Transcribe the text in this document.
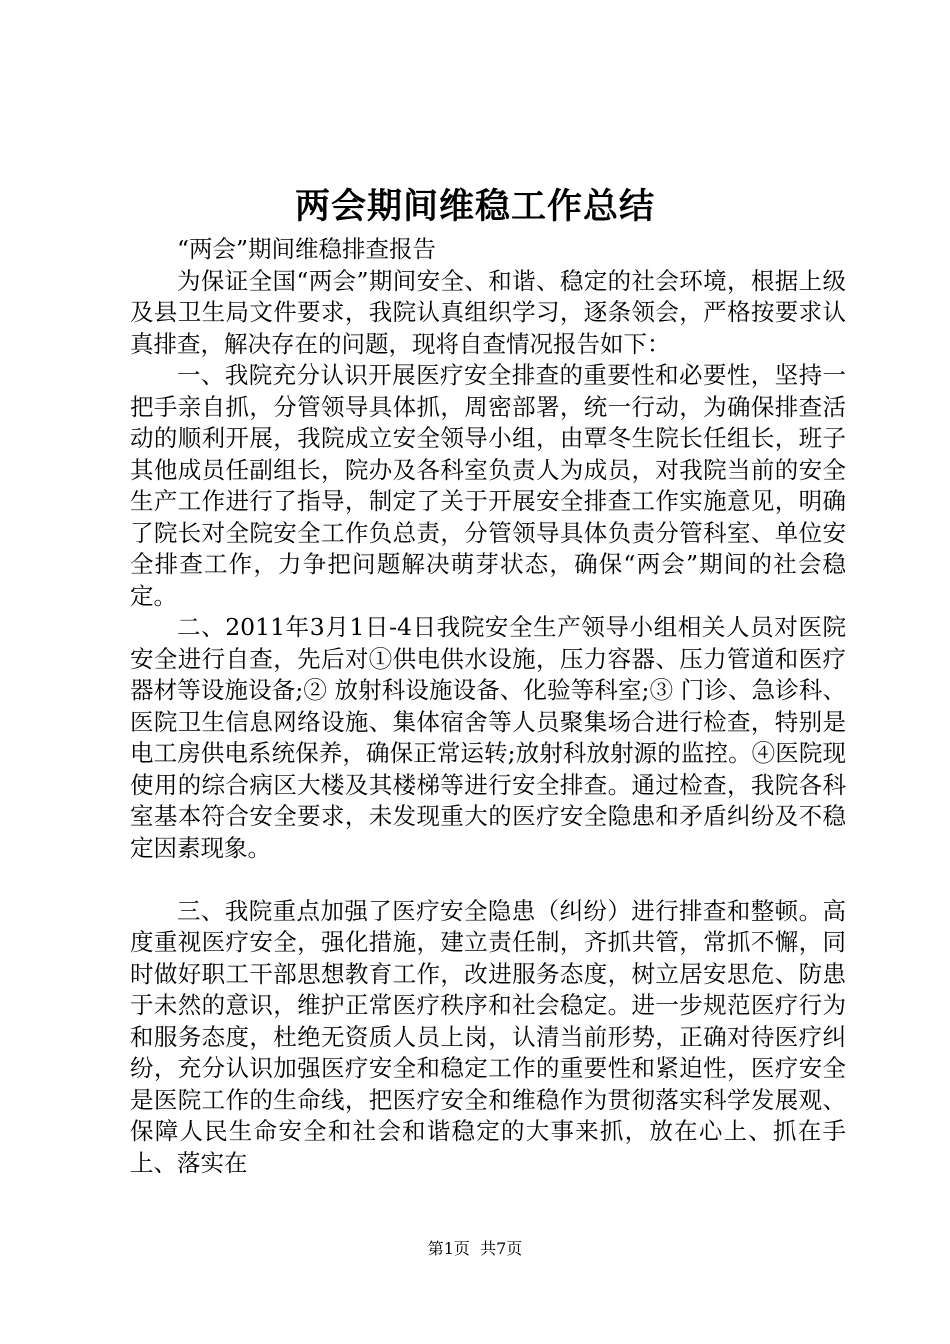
两会期间维稳工作总结

“两会”期间维稳排查报告

为保证全国“两会”期间安全、和谐、稳定的社会环境，根据上级及县卫生局文件要求，我院认真组织学习，逐条领会，严格按要求认真排查，解决存在的问题，现将自查情况报告如下：

一、我院充分认识开展医疗安全排查的重要性和必要性，坚持一把手亲自抓，分管领导具体抓，周密部署，统一行动，为确保排查活动的顺利开展，我院成立安全领导小组，由覃冬生院长任组长，班子其他成员任副组长，院办及各科室负责人为成员，对我院当前的安全生产工作进行了指导，制定了关于开展安全排查工作实施意见，明确了院长对全院安全工作负总责，分管领导具体负责分管科室、单位安全排查工作，力争把问题解决萌芽状态，确保“两会”期间的社会稳定。

二、2011年3月1日-4日我院安全生产领导小组相关人员对医院安全进行自查，先后对①供电供水设施，压力容器、压力管道和医疗器材等设施设备;② 放射科设施设备、化验等科室;③ 门诊、急诊科、医院卫生信息网络设施、集体宿舍等人员聚集场合进行检查，特别是电工房供电系统保养，确保正常运转;放射科放射源的监控。④医院现使用的综合病区大楼及其楼梯等进行安全排查。通过检查，我院各科室基本符合安全要求，未发现重大的医疗安全隐患和矛盾纠纷及不稳定因素现象。

三、我院重点加强了医疗安全隐患（纠纷）进行排查和整顿。高度重视医疗安全，强化措施，建立责任制，齐抓共管，常抓不懈，同时做好职工干部思想教育工作，改进服务态度，树立居安思危、防患于未然的意识，维护正常医疗秩序和社会稳定。进一步规范医疗行为和服务态度，杜绝无资质人员上岗，认清当前形势，正确对待医疗纠纷，充分认识加强医疗安全和稳定工作的重要性和紧迫性，医疗安全是医院工作的生命线，把医疗安全和维稳作为贯彻落实科学发展观、保障人民生命安全和社会和谐稳定的大事来抓，放在心上、抓在手上、落实在

第1页  共7页
